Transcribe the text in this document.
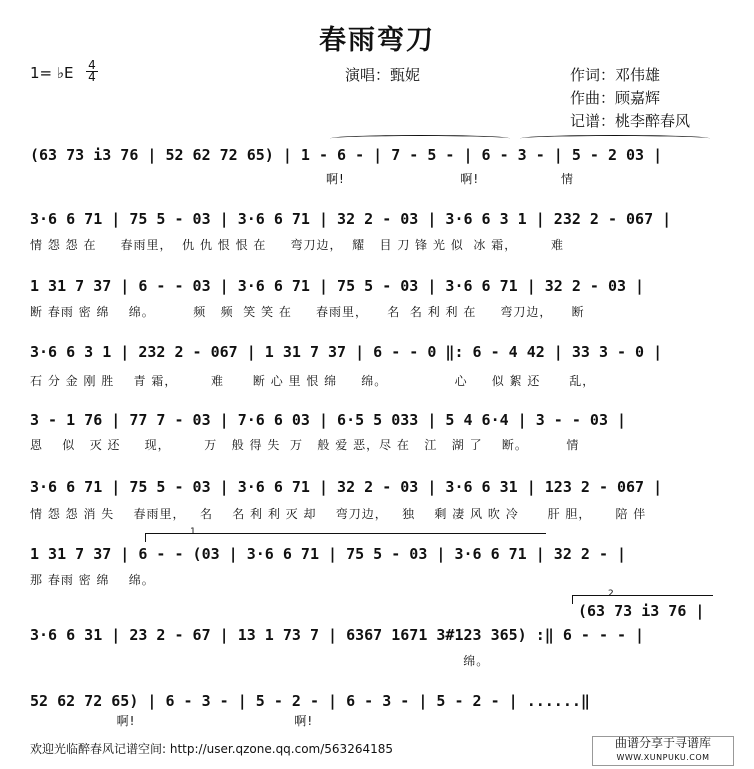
春雨弯刀
1= ♭E 4
4	演唱：甄妮	作词：邓伟雄
作曲：顾嘉辉
记谱：桃李醉春风
(63 73 i3 76 | 52 62 72 65) | 1 - 6 - | 7 - 5 - | 6 - 3 - | 5 - 2 03 |
啊!                        啊!                 情
3·6 6 71 | 75 5 - 03 | 3·6 6 71 | 32 2 - 03 | 3·6 6 3 1 | 232 2 - 067 |
情 怨 怨 在     春雨里，  仇 仇 恨 恨 在     弯刀边，  耀   目 刀 锋 光 似  冰 霜，       难
1 31 7 37 | 6 - - 03 | 3·6 6 71 | 75 5 - 03 | 3·6 6 71 | 32 2 - 03 |
断 春雨 密 绵    绵。        频   频  笑 笑 在     春雨里，    名  名 利 利 在     弯刀边，    断
3·6 6 3 1 | 232 2 - 067 | 1 31 7 37 | 6 - - 0 ‖: 6 - 4 42 | 33 3 - 0 |
石 分 金 刚 胜    青 霜，       难      断 心 里 恨 绵     绵。              心     似 絮 还      乱，
3 - 1 76 | 77 7 - 03 | 7·6 6 03 | 6·5 5 033 | 5 4 6·4 | 3 - - 03 |
恩    似   灭 还     现，       万   般 得 失  万   般 爱 恶，尽 在   江   湖 了    断。        情
3·6 6 71 | 75 5 - 03 | 3·6 6 71 | 32 2 - 03 | 3·6 6 31 | 123 2 - 067 |
情 怨 怨 消 失    春雨里，   名    名 利 利 灭 却    弯刀边，   独    剩 凄 风 吹 冷      肝 胆，     陪 伴
1
1 31 7 37 | 6 - - (03 | 3·6 6 71 | 75 5 - 03 | 3·6 6 71 | 32 2 - |
那 春雨 密 绵    绵。
2
(63 73 i3 76 |
3·6 6 31 | 23 2 - 67 | 13 1 73 7 | 6367 1671 3#123 365) :‖ 6 - - - |
绵。
52 62 72 65) | 6 - 3 - | 5 - 2 - | 6 - 3 - | 5 - 2 - | ......‖
啊!                                 啊!
欢迎光临醉春风记谱空间: http://user.qzone.qq.com/563264185	曲谱分享于寻谱库
WWW.XUNPUKU.COM
